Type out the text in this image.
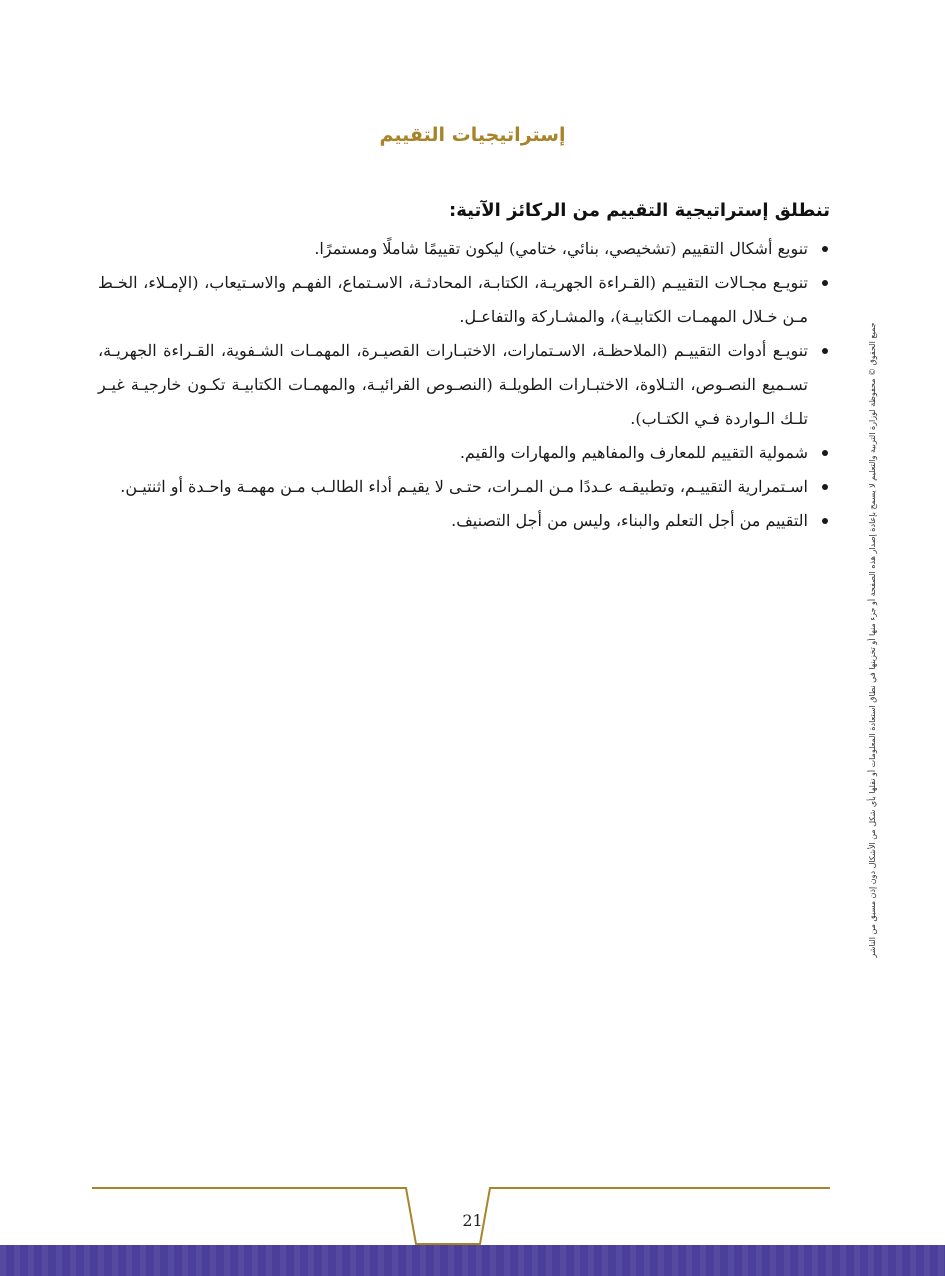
إستراتيجيات التقييم
تنطلق إستراتيجية التقييم من الركائز الآتية:
تنويع أشكال التقييم (تشخيصي، بنائي، ختامي) ليكون تقييمًا شاملًا ومستمرًا.
تنويـع مجـالات التقييـم (القـراءة الجهريـة، الكتابـة، المحادثـة، الاسـتماع، الفهـم والاسـتيعاب، (الإمـلاء، الخـط مـن خـلال المهمـات الكتابيـة)، والمشـاركة والتفاعـل.
تنويـع أدوات التقييـم (الملاحظـة، الاسـتمارات، الاختبـارات القصيـرة، المهمـات الشـفوية، القـراءة الجهريـة، تسـميع النصـوص، التـلاوة، الاختبـارات الطويلـة (النصـوص القرائيـة، والمهمـات الكتابيـة تكـون خارجيـة غيـر تلـك الـواردة فـي الكتـاب).
شمولية التقييم للمعارف والمفاهيم والمهارات والقيم.
اسـتمرارية التقييـم، وتطبيقـه عـددًا مـن المـرات، حتـى لا يقيـم أداء الطالـب مـن مهمـة واحـدة أو اثنتيـن.
التقييم من أجل التعلم والبناء، وليس من أجل التصنيف.	جميع الحقوق © محفوظة لوزارة التربية والتعليم لا يسمح بإعادة إصدار هذه الصفحة أو جزء منها أو تخزينها في نطاق استعادة المعلومات أو نقلها بأي شكل من الأشكال دون إذن مسبق من الناشر
21
